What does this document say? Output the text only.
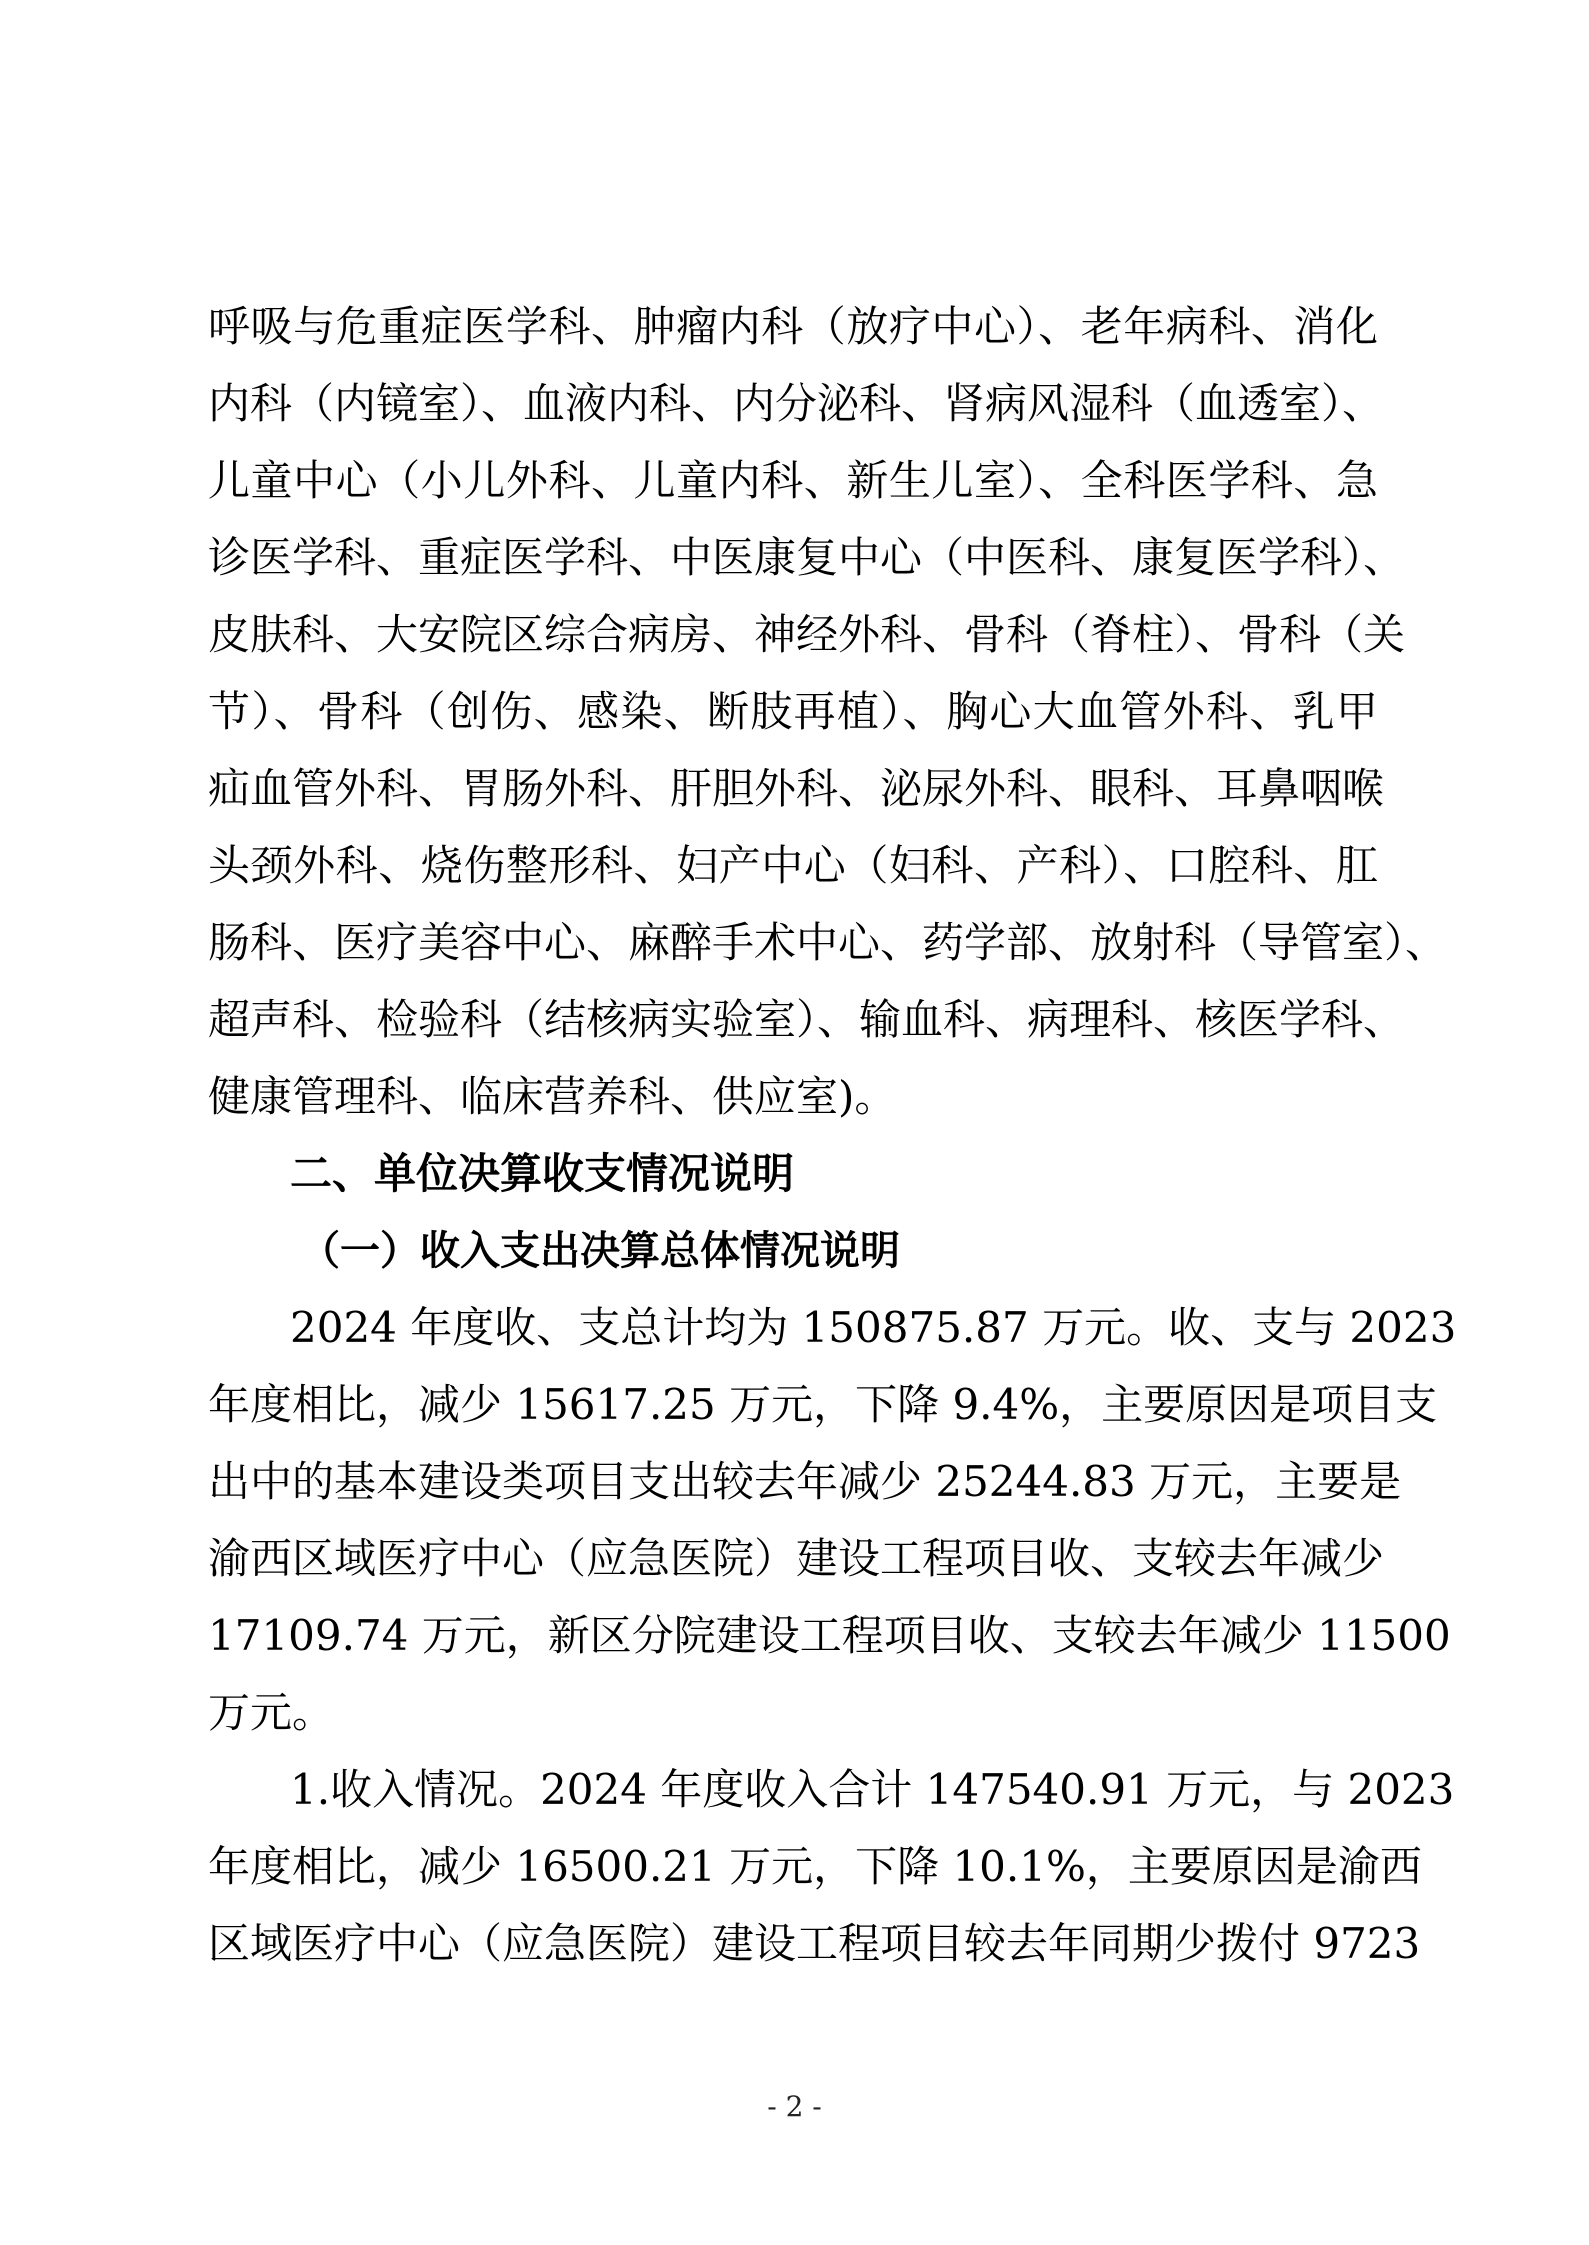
呼吸与危重症医学科、肿瘤内科（放疗中心）、老年病科、消化
内科（内镜室）、血液内科、内分泌科、肾病风湿科（血透室）、
儿童中心（小儿外科、儿童内科、新生儿室）、全科医学科、急
诊医学科、重症医学科、中医康复中心（中医科、康复医学科）、
皮肤科、大安院区综合病房、神经外科、骨科（脊柱）、骨科（关
节）、骨科（创伤、感染、断肢再植）、胸心大血管外科、乳甲
疝血管外科、胃肠外科、肝胆外科、泌尿外科、眼科、耳鼻咽喉
头颈外科、烧伤整形科、妇产中心（妇科、产科）、口腔科、肛
肠科、医疗美容中心、麻醉手术中心、药学部、放射科（导管室）、
超声科、检验科（结核病实验室）、输血科、病理科、核医学科、
健康管理科、临床营养科、供应室)。
二、单位决算收支情况说明
（一）收入支出决算总体情况说明
2024 年度收、支总计均为 150875.87 万元。收、支与 2023
年度相比，减少 15617.25 万元，下降 9.4%，主要原因是项目支
出中的基本建设类项目支出较去年减少 25244.83 万元，主要是
渝西区域医疗中心（应急医院）建设工程项目收、支较去年减少
17109.74 万元，新区分院建设工程项目收、支较去年减少 11500
万元。
1.收入情况。2024 年度收入合计 147540.91 万元，与 2023
年度相比，减少 16500.21 万元，下降 10.1%，主要原因是渝西
区域医疗中心（应急医院）建设工程项目较去年同期少拨付 9723
- 2 -
